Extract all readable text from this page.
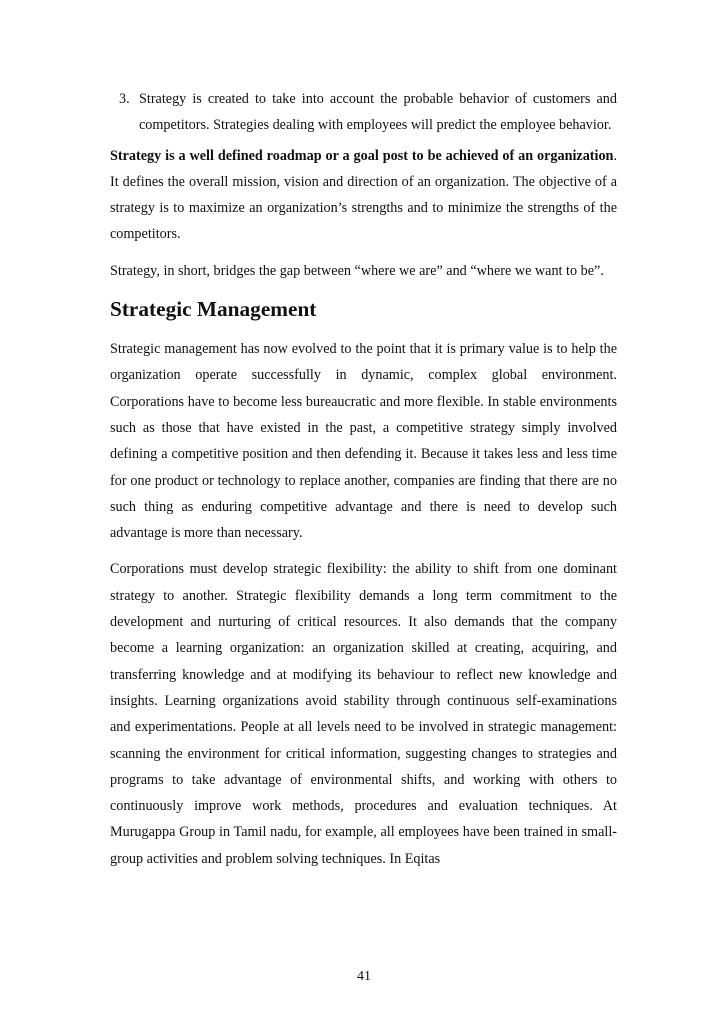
3. Strategy is created to take into account the probable behavior of customers and competitors. Strategies dealing with employees will predict the employee behavior.

Strategy is a well defined roadmap or a goal post to be achieved of an organization. It defines the overall mission, vision and direction of an organization. The objective of a strategy is to maximize an organization’s strengths and to minimize the strengths of the competitors.

Strategy, in short, bridges the gap between “where we are” and “where we want to be”.

Strategic Management

Strategic management has now evolved to the point that it is primary value is to help the organization operate successfully in dynamic, complex global environment. Corporations have to become less bureaucratic and more flexible. In stable environments such as those that have existed in the past, a competitive strategy simply involved defining a competitive position and then defending it. Because it takes less and less time for one product or technology to replace another, companies are finding that there are no such thing as enduring competitive advantage and there is need to develop such advantage is more than necessary.

Corporations must develop strategic flexibility: the ability to shift from one dominant strategy to another. Strategic flexibility demands a long term commitment to the development and nurturing of critical resources. It also demands that the company become a learning organization: an organization skilled at creating, acquiring, and transferring knowledge and at modifying its behaviour to reflect new knowledge and insights. Learning organizations avoid stability through continuous self-examinations and experimentations. People at all levels need to be involved in strategic management: scanning the environment for critical information, suggesting changes to strategies and programs to take advantage of environmental shifts, and working with others to continuously improve work methods, procedures and evaluation techniques. At Murugappa Group in Tamil nadu, for example, all employees have been trained in small-group activities and problem solving techniques. In Eqitas

41
